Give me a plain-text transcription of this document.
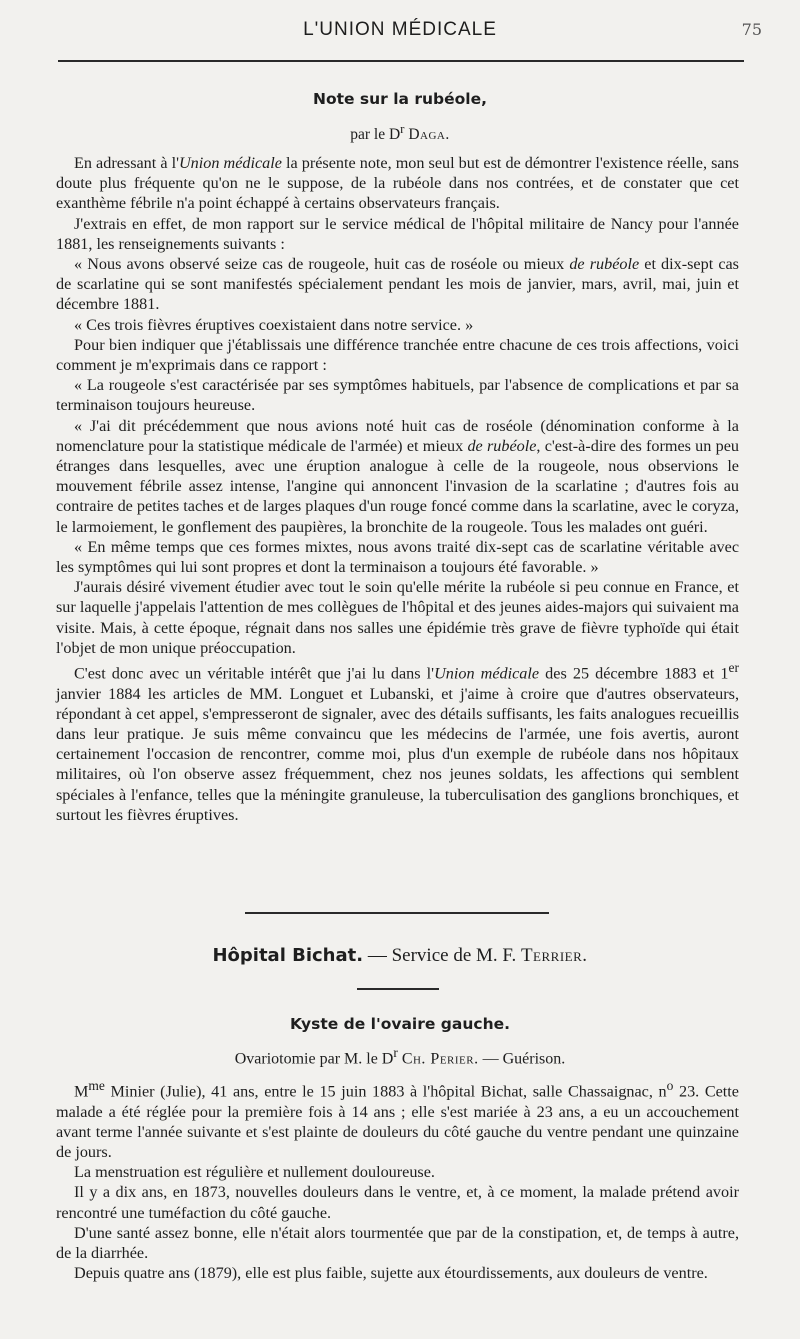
L'UNION MÉDICALE	75
Note sur la rubéole,
par le $D^r$ Daga.

En adressant à l'Union médicale la présente note, mon seul but est de démontrer l'existence réelle, sans doute plus fréquente qu'on ne le suppose, de la rubéole dans nos contrées, et de constater que cet exanthème fébrile n'a point échappé à certains observateurs français.

J'extrais en effet, de mon rapport sur le service médical de l'hôpital militaire de Nancy pour l'année 1881, les renseignements suivants :

« Nous avons observé seize cas de rougeole, huit cas de roséole ou mieux de rubéole et dix-sept cas de scarlatine qui se sont manifestés spécialement pendant les mois de janvier, mars, avril, mai, juin et décembre 1881.

« Ces trois fièvres éruptives coexistaient dans notre service. »

Pour bien indiquer que j'établissais une différence tranchée entre chacune de ces trois affections, voici comment je m'exprimais dans ce rapport :

« La rougeole s'est caractérisée par ses symptômes habituels, par l'absence de complications et par sa terminaison toujours heureuse.

« J'ai dit précédemment que nous avions noté huit cas de roséole (dénomination conforme à la nomenclature pour la statistique médicale de l'armée) et mieux de rubéole, c'est-à-dire des formes un peu étranges dans lesquelles, avec une éruption analogue à celle de la rougeole, nous observions le mouvement fébrile assez intense, l'angine qui annoncent l'invasion de la scarlatine ; d'autres fois au contraire de petites taches et de larges plaques d'un rouge foncé comme dans la scarlatine, avec le coryza, le larmoiement, le gonflement des paupières, la bronchite de la rougeole. Tous les malades ont guéri.

« En même temps que ces formes mixtes, nous avons traité dix-sept cas de scarlatine véritable avec les symptômes qui lui sont propres et dont la terminaison a toujours été favorable. »

J'aurais désiré vivement étudier avec tout le soin qu'elle mérite la rubéole si peu connue en France, et sur laquelle j'appelais l'attention de mes collègues de l'hôpital et des jeunes aides-majors qui suivaient ma visite. Mais, à cette époque, régnait dans nos salles une épidémie très grave de fièvre typhoïde qui était l'objet de mon unique préoccupation.

C'est donc avec un véritable intérêt que j'ai lu dans l'Union médicale des 25 décembre 1883 et 1er janvier 1884 les articles de MM. Longuet et Lubanski, et j'aime à croire que d'autres observateurs, répondant à cet appel, s'empresseront de signaler, avec des détails suffisants, les faits analogues recueillis dans leur pratique. Je suis même convaincu que les médecins de l'armée, une fois avertis, auront certainement l'occasion de rencontrer, comme moi, plus d'un exemple de rubéole dans nos hôpitaux militaires, où l'on observe assez fréquemment, chez nos jeunes soldats, les affections qui semblent spéciales à l'enfance, telles que la méningite granuleuse, la tuberculisation des ganglions bronchiques, et surtout les fièvres éruptives.

Hôpital Bichat. — Service de M. F. Terrier.
Kyste de l'ovaire gauche.
Ovariotomie par M. le $D^r$ Ch. Perier. — Guérison.

$M^{me}$ Minier (Julie), 41 ans, entre le 15 juin 1883 à l'hôpital Bichat, salle Chassaignac, $n^o$ 23. Cette malade a été réglée pour la première fois à 14 ans ; elle s'est mariée à 23 ans, a eu un accouchement avant terme l'année suivante et s'est plainte de douleurs du côté gauche du ventre pendant une quinzaine de jours.

La menstruation est régulière et nullement douloureuse.

Il y a dix ans, en 1873, nouvelles douleurs dans le ventre, et, à ce moment, la malade prétend avoir rencontré une tuméfaction du côté gauche.

D'une santé assez bonne, elle n'était alors tourmentée que par de la constipation, et, de temps à autre, de la diarrhée.

Depuis quatre ans (1879), elle est plus faible, sujette aux étourdissements, aux douleurs de ventre.
